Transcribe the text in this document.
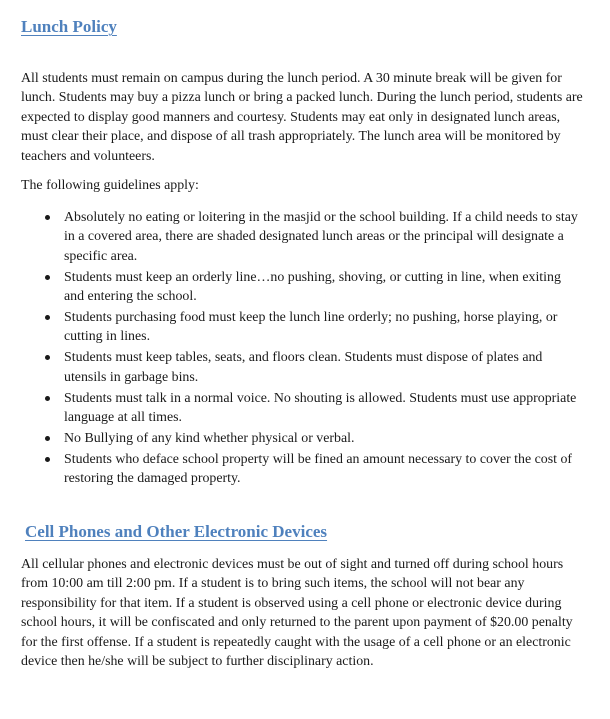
Lunch Policy

All students must remain on campus during the lunch period. A 30 minute break will be given for lunch. Students may buy a pizza lunch or bring a packed lunch. During the lunch period, students are expected to display good manners and courtesy. Students may eat only in designated lunch areas, must clear their place, and dispose of all trash appropriately. The lunch area will be monitored by teachers and volunteers.

The following guidelines apply:

Absolutely no eating or loitering in the masjid or the school building. If a child needs to stay in a covered area, there are shaded designated lunch areas or the principal will designate a specific area.
Students must keep an orderly line…no pushing, shoving, or cutting in line, when exiting and entering the school.
Students purchasing food must keep the lunch line orderly; no pushing, horse playing, or cutting in lines.
Students must keep tables, seats, and floors clean. Students must dispose of plates and utensils in garbage bins.
Students must talk in a normal voice. No shouting is allowed. Students must use appropriate language at all times.
No Bullying of any kind whether physical or verbal.
Students who deface school property will be fined an amount necessary to cover the cost of restoring the damaged property.
Cell Phones and Other Electronic Devices

All cellular phones and electronic devices must be out of sight and turned off during school hours from 10:00 am till 2:00 pm. If a student is to bring such items, the school will not bear any responsibility for that item. If a student is observed using a cell phone or electronic device during school hours, it will be confiscated and only returned to the parent upon payment of $20.00 penalty for the first offense. If a student is repeatedly caught with the usage of a cell phone or an electronic device then he/she will be subject to further disciplinary action.
